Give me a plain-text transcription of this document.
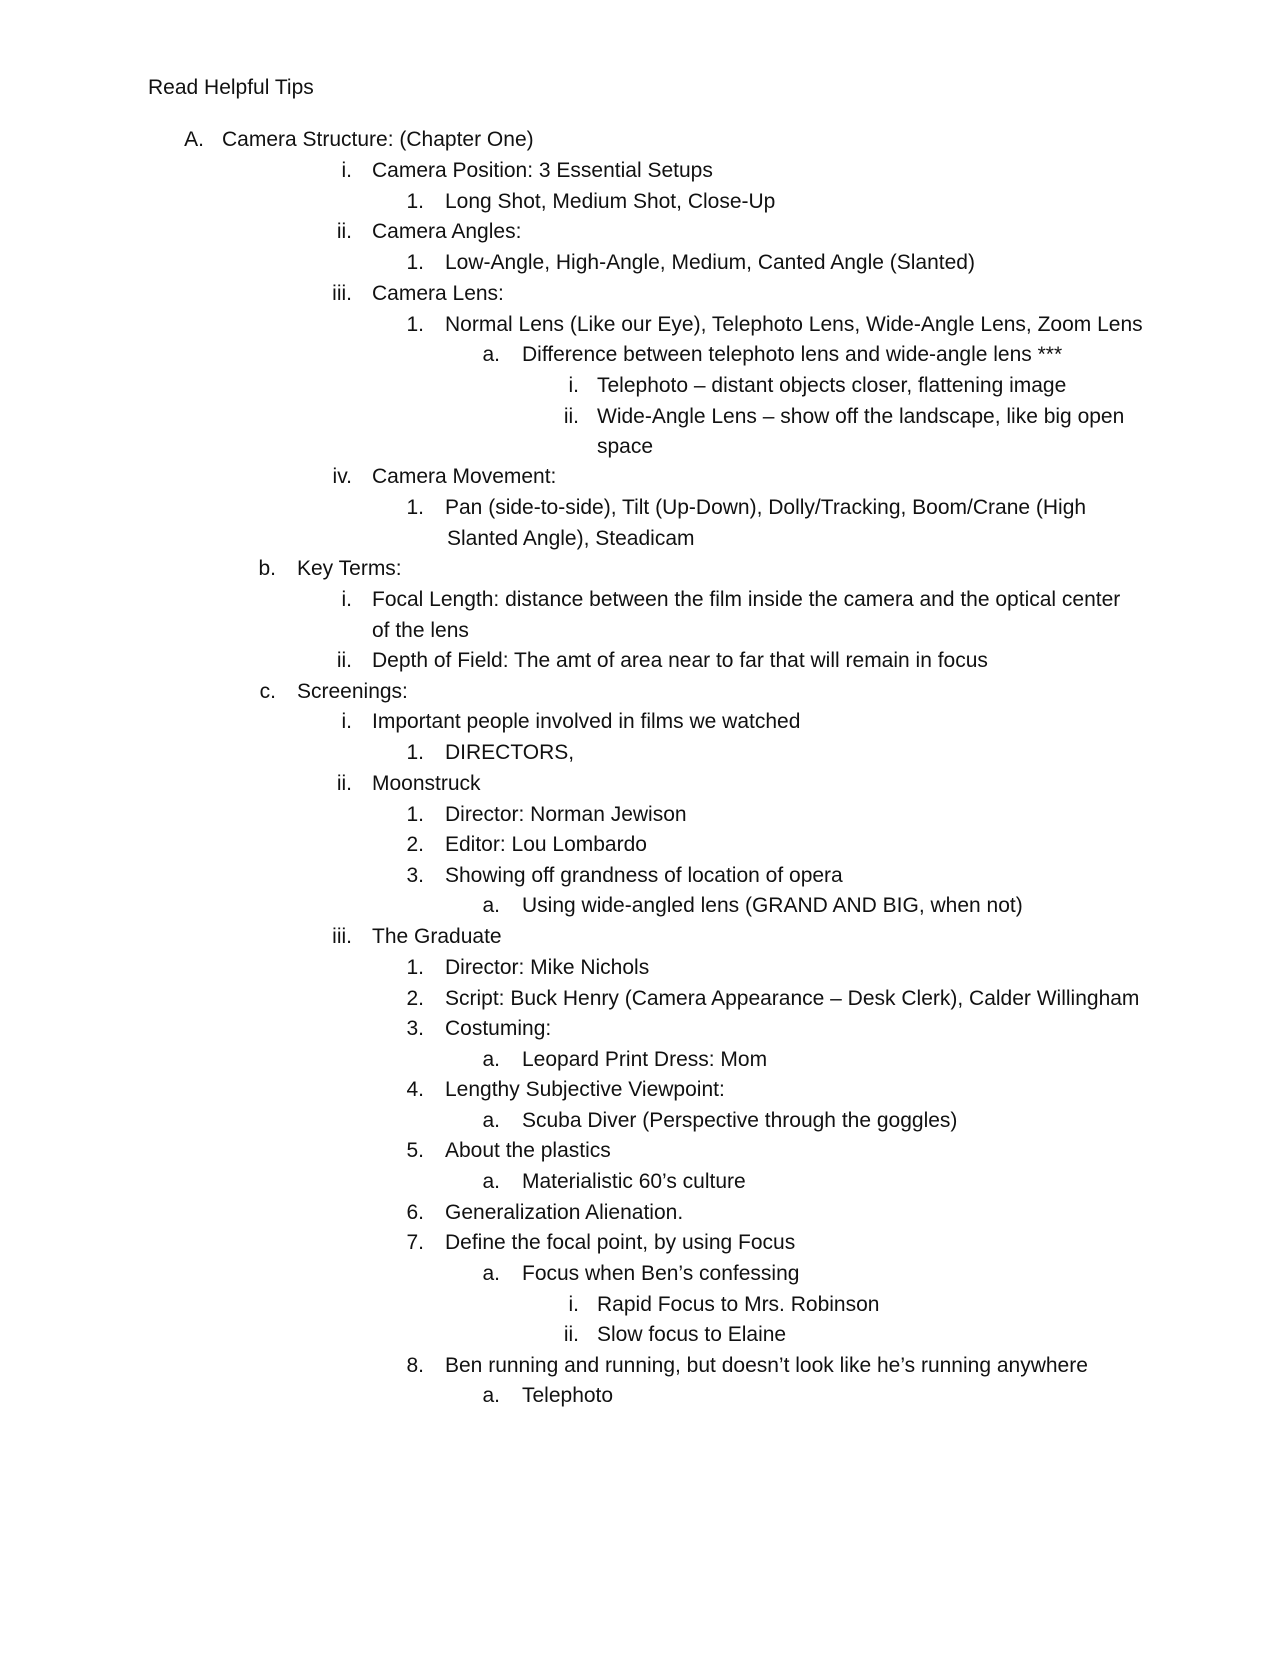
Read Helpful Tips
A. Camera Structure: (Chapter One)
i. Camera Position: 3 Essential Setups
1. Long Shot, Medium Shot, Close-Up
ii. Camera Angles:
1. Low-Angle, High-Angle, Medium, Canted Angle (Slanted)
iii. Camera Lens:
1. Normal Lens (Like our Eye), Telephoto Lens, Wide-Angle Lens, Zoom Lens
a. Difference between telephoto lens and wide-angle lens ***
i. Telephoto – distant objects closer, flattening image
ii. Wide-Angle Lens – show off the landscape, like big open
space
iv. Camera Movement:
1. Pan (side-to-side), Tilt (Up-Down), Dolly/Tracking, Boom/Crane (High
Slanted Angle), Steadicam
b. Key Terms:
i. Focal Length: distance between the film inside the camera and the optical center
of the lens
ii. Depth of Field: The amt of area near to far that will remain in focus
c. Screenings:
i. Important people involved in films we watched
1. DIRECTORS,
ii. Moonstruck
1. Director: Norman Jewison
2. Editor: Lou Lombardo
3. Showing off grandness of location of opera
a. Using wide-angled lens (GRAND AND BIG, when not)
iii. The Graduate
1. Director: Mike Nichols
2. Script: Buck Henry (Camera Appearance – Desk Clerk), Calder Willingham
3. Costuming:
a. Leopard Print Dress: Mom
4. Lengthy Subjective Viewpoint:
a. Scuba Diver (Perspective through the goggles)
5. About the plastics
a. Materialistic 60’s culture
6. Generalization Alienation.
7. Define the focal point, by using Focus
a. Focus when Ben’s confessing
i. Rapid Focus to Mrs. Robinson
ii. Slow focus to Elaine
8. Ben running and running, but doesn’t look like he’s running anywhere
a. Telephoto
